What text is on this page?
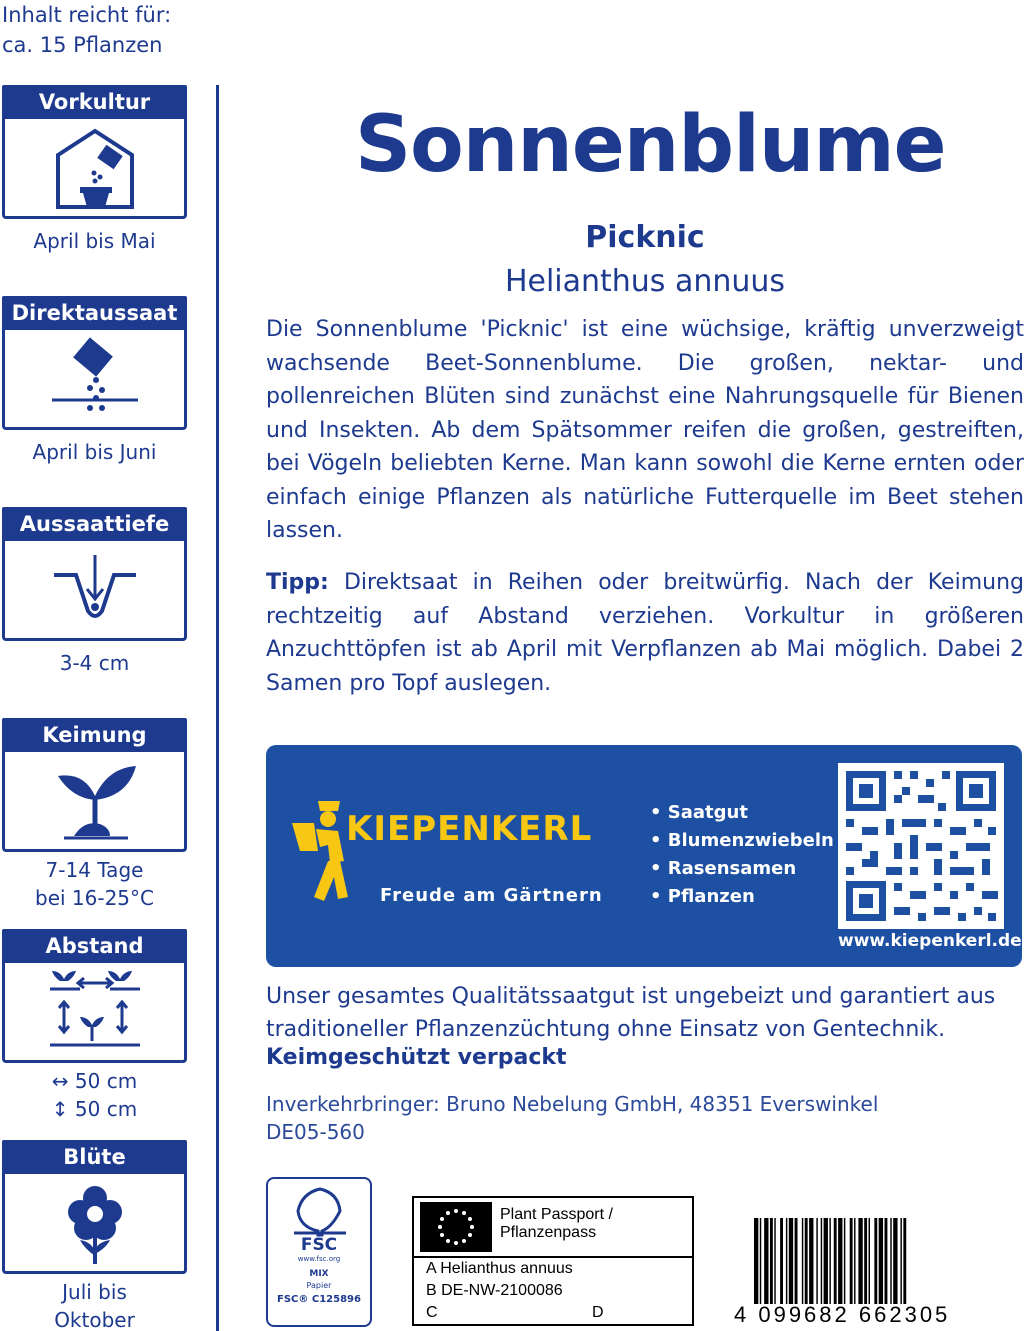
Inhalt reicht für:
ca. 15 Pflanzen
Vorkultur
April bis Mai
Direktaussaat
April bis Juni
Aussaattiefe
3-4 cm
Keimung
7-14 Tage
bei 16-25°C
Abstand
↔ 50 cm
↕ 50 cm
Blüte
Juli bis
Oktober
Sonnenblume
Picknic
Helianthus annuus
Die Sonnenblume 'Picknic' ist eine wüchsige, kräftig unverzweigt wachsende Beet-Sonnenblume. Die großen, nektar- und pollenreichen Blüten sind zunächst eine Nahrungsquelle für Bienen und Insekten. Ab dem Spätsommer reifen die großen, gestreiften, bei Vögeln beliebten Kerne. Man kann sowohl die Kerne ernten oder einfach einige Pflanzen als natürliche Futterquelle im Beet stehen lassen.
Tipp: Direktsaat in Reihen oder breitwürfig. Nach der Keimung rechtzeitig auf Abstand verziehen. Vorkultur in größeren Anzuchttöpfen ist ab April mit Verpflanzen ab Mai möglich. Dabei 2 Samen pro Topf auslegen.
KIEPENKERL
Freude am Gärtnern
• Saatgut
• Blumenzwiebeln
• Rasensamen
• Pflanzen
www.kiepenkerl.de
Unser gesamtes Qualitätssaatgut ist ungebeizt und garantiert aus traditioneller Pflanzenzüchtung ohne Einsatz von Gentechnik.
Keimgeschützt verpackt
Inverkehrbringer: Bruno Nebelung GmbH, 48351 Everswinkel
DE05-560
FSC
www.fsc.org
MIX
Papier
FSC® C125896
Plant Passport /
Pflanzenpass
A Helianthus annuus
B DE-NW-2100086
C	D	4 099682 662305
